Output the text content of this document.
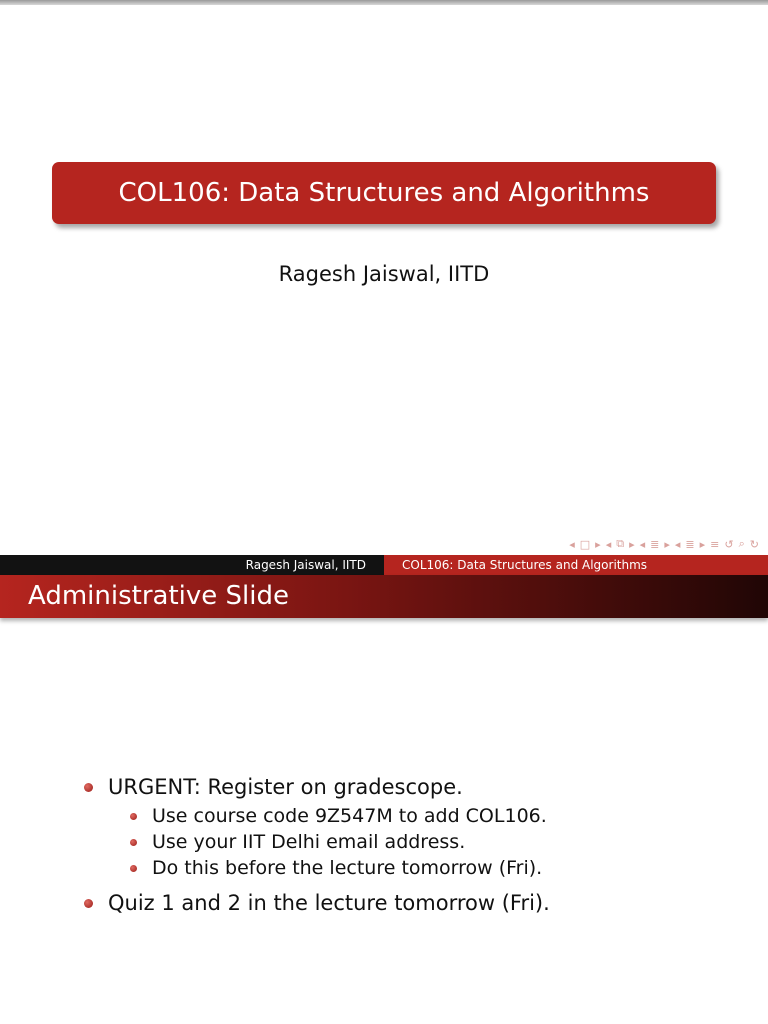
COL106: Data Structures and Algorithms
Ragesh Jaiswal, IITD
◂ □ ▸ ◂ ⧉ ▸ ◂ ≣ ▸ ◂ ≣ ▸ ≡ ↺ ⌕ ↻
Ragesh Jaiswal, IITD	COL106: Data Structures and Algorithms
Administrative Slide
URGENT: Register on gradescope.
Use course code 9Z547M to add COL106.
Use your IIT Delhi email address.
Do this before the lecture tomorrow (Fri).
Quiz 1 and 2 in the lecture tomorrow (Fri).
